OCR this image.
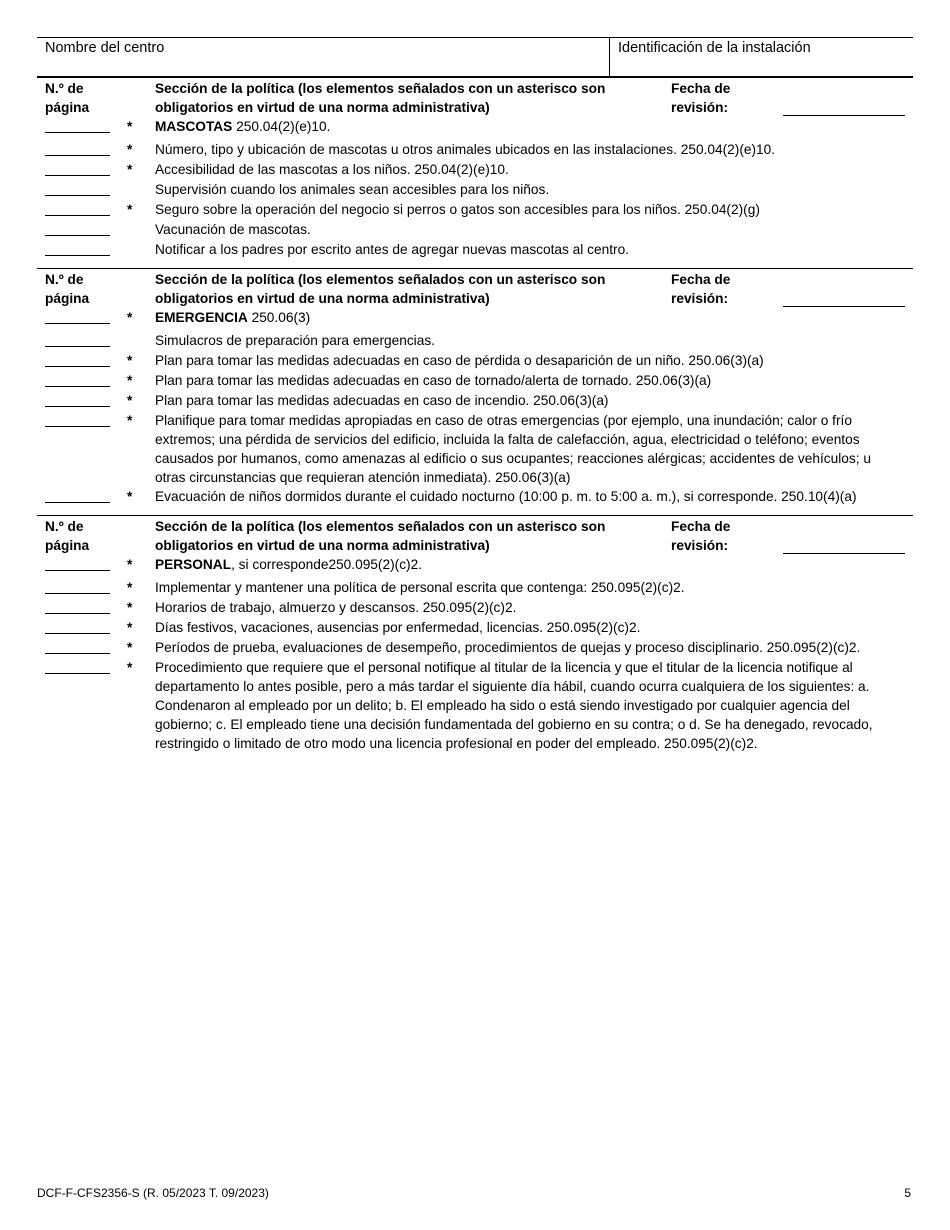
Nombre del centro	Identificación de la instalación
N.º de
página
Sección de la política (los elementos señalados con un asterisco son
obligatorios en virtud de una norma administrativa)
Fecha de
revisión:
*	MASCOTAS 250.04(2)(e)10.
*	Número, tipo y ubicación de mascotas u otros animales ubicados en las instalaciones. 250.04(2)(e)10.
*	Accesibilidad de las mascotas a los niños. 250.04(2)(e)10.
Supervisión cuando los animales sean accesibles para los niños.
*	Seguro sobre la operación del negocio si perros o gatos son accesibles para los niños. 250.04(2)(g)
Vacunación de mascotas.
Notificar a los padres por escrito antes de agregar nuevas mascotas al centro.
N.º de
página
Sección de la política (los elementos señalados con un asterisco son
obligatorios en virtud de una norma administrativa)
Fecha de
revisión:
*	EMERGENCIA 250.06(3)
Simulacros de preparación para emergencias.
*	Plan para tomar las medidas adecuadas en caso de pérdida o desaparición de un niño. 250.06(3)(a)
*	Plan para tomar las medidas adecuadas en caso de tornado/alerta de tornado. 250.06(3)(a)
*	Plan para tomar las medidas adecuadas en caso de incendio. 250.06(3)(a)
*	Planifique para tomar medidas apropiadas en caso de otras emergencias (por ejemplo, una inundación; calor o frío extremos; una pérdida de servicios del edificio, incluida la falta de calefacción, agua, electricidad o teléfono; eventos causados por humanos, como amenazas al edificio o sus ocupantes; reacciones alérgicas; accidentes de vehículos; u otras circunstancias que requieran atención inmediata). 250.06(3)(a)
*	Evacuación de niños dormidos durante el cuidado nocturno (10:00 p. m. to 5:00 a. m.), si corresponde. 250.10(4)(a)
N.º de
página
Sección de la política (los elementos señalados con un asterisco son
obligatorios en virtud de una norma administrativa)
Fecha de
revisión:
*	PERSONAL, si corresponde250.095(2)(c)2.
*	Implementar y mantener una política de personal escrita que contenga: 250.095(2)(c)2.
*	Horarios de trabajo, almuerzo y descansos. 250.095(2)(c)2.
*	Días festivos, vacaciones, ausencias por enfermedad, licencias. 250.095(2)(c)2.
*	Períodos de prueba, evaluaciones de desempeño, procedimientos de quejas y proceso disciplinario. 250.095(2)(c)2.
*	Procedimiento que requiere que el personal notifique al titular de la licencia y que el titular de la licencia notifique al departamento lo antes posible, pero a más tardar el siguiente día hábil, cuando ocurra cualquiera de los siguientes: a. Condenaron al empleado por un delito; b. El empleado ha sido o está siendo investigado por cualquier agencia del gobierno; c. El empleado tiene una decisión fundamentada del gobierno en su contra; o d. Se ha denegado, revocado, restringido o limitado de otro modo una licencia profesional en poder del empleado. 250.095(2)(c)2.
DCF-F-CFS2356-S (R. 05/2023 T. 09/2023)	5
